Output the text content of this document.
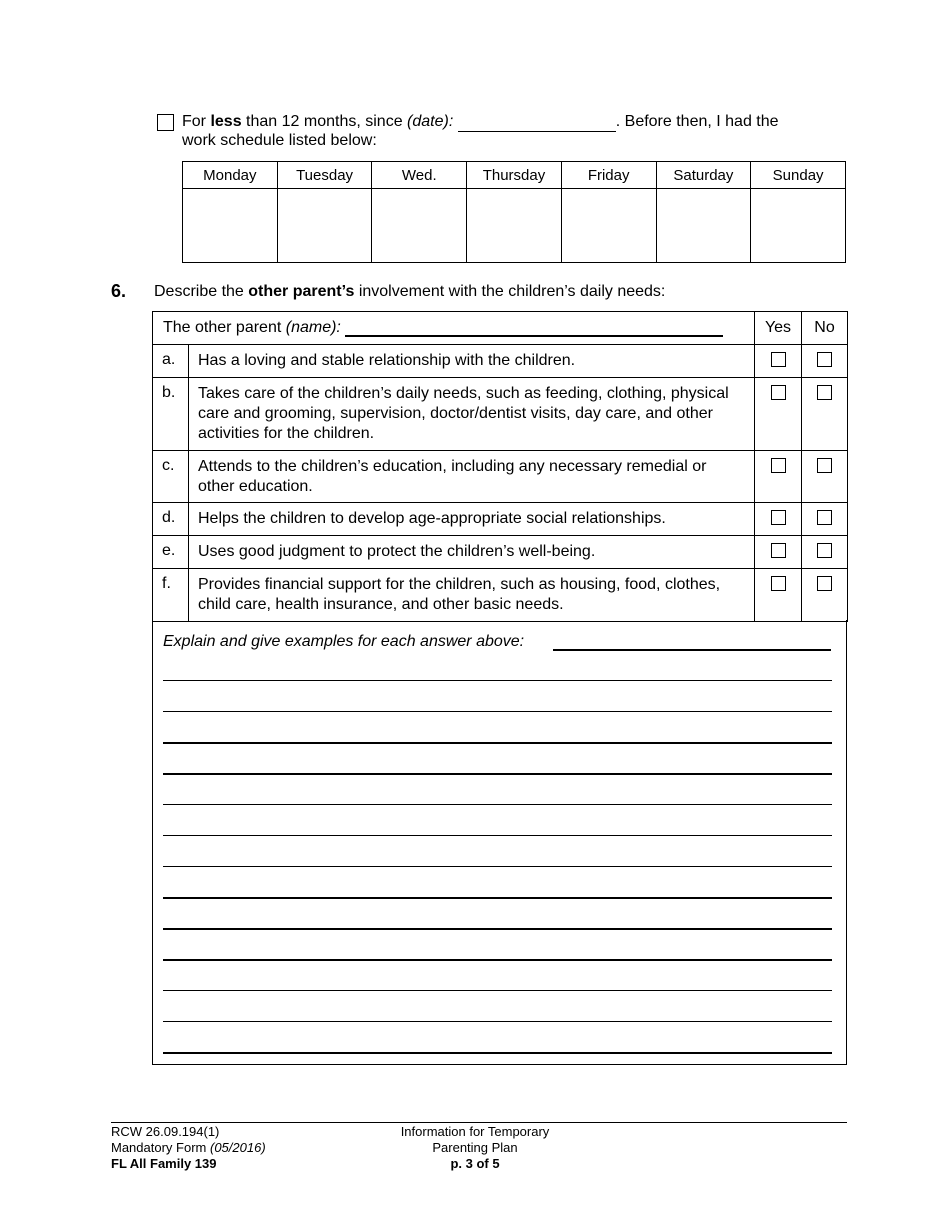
For less than 12 months, since (date):	. Before then, I had the
work schedule listed below:
Monday	Tuesday	Wed.	Thursday	Friday	Saturday	Sunday

6. Describe the other parent’s involvement with the children’s daily needs:
The other parent (name):		Yes	No
a.	Has a loving and stable relationship with the children.		
b.	Takes care of the children’s daily needs, such as feeding, clothing, physical care and grooming, supervision, doctor/dentist visits, day care, and other activities for the children.		
c.	Attends to the children’s education, including any necessary remedial or other education.		
d.	Helps the children to develop age-appropriate social relationships.		
e.	Uses good judgment to protect the children’s well-being.		
f.	Provides financial support for the children, such as housing, food, clothes, child care, health insurance, and other basic needs.		
Explain and give examples for each answer above:
RCW 26.09.194(1)
Mandatory Form (05/2016)
FL All Family 139
Information for Temporary
Parenting Plan
p. 3 of 5
